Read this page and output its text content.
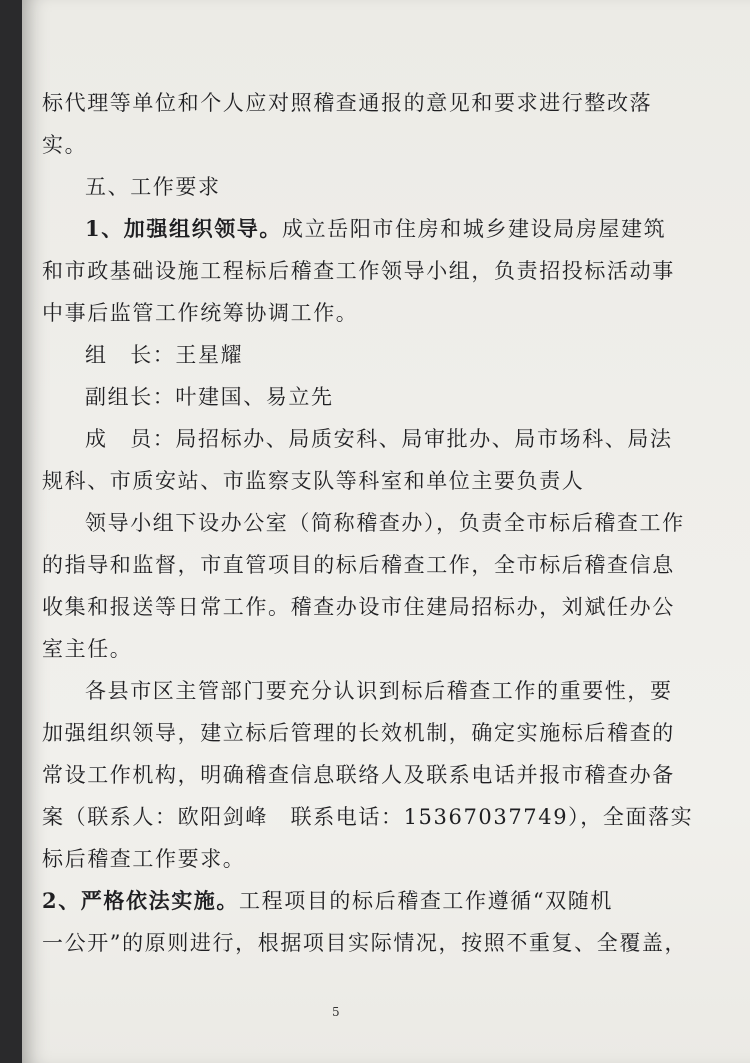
标代理等单位和个人应对照稽查通报的意见和要求进行整改落
实。
五、工作要求
1、加强组织领导。成立岳阳市住房和城乡建设局房屋建筑
和市政基础设施工程标后稽查工作领导小组，负责招投标活动事
中事后监管工作统筹协调工作。
组　长：王星耀
副组长：叶建国、易立先
成　员：局招标办、局质安科、局审批办、局市场科、局法
规科、市质安站、市监察支队等科室和单位主要负责人
领导小组下设办公室（简称稽查办），负责全市标后稽查工作
的指导和监督，市直管项目的标后稽查工作，全市标后稽查信息
收集和报送等日常工作。稽查办设市住建局招标办，刘斌任办公
室主任。
各县市区主管部门要充分认识到标后稽查工作的重要性，要
加强组织领导，建立标后管理的长效机制，确定实施标后稽查的
常设工作机构，明确稽查信息联络人及联系电话并报市稽查办备
案（联系人：欧阳剑峰　联系电话：15367037749），全面落实
标后稽查工作要求。
2、严格依法实施。工程项目的标后稽查工作遵循“双随机
一公开”的原则进行，根据项目实际情况，按照不重复、全覆盖，
5
